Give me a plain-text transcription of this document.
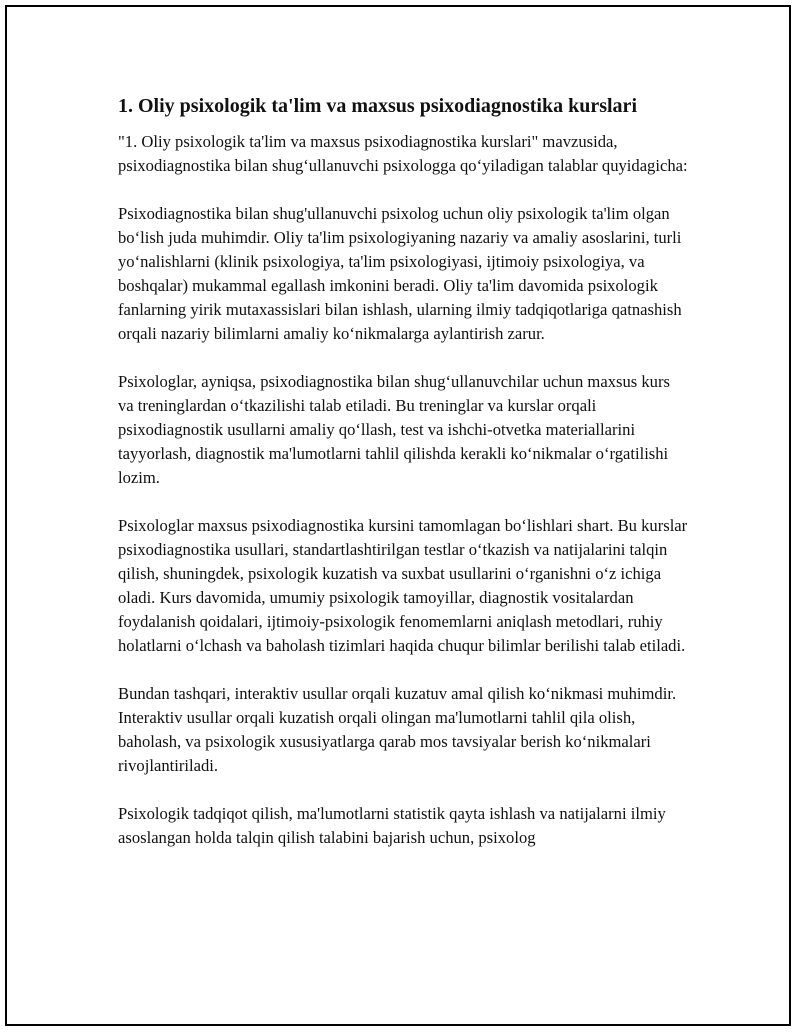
1. Oliy psixologik ta'lim va maxsus psixodiagnostika kurslari

"1. Oliy psixologik ta'lim va maxsus psixodiagnostika kurslari" mavzusida, psixodiagnostika bilan shug‘ullanuvchi psixologga qo‘yiladigan talablar quyidagicha:

Psixodiagnostika bilan shug'ullanuvchi psixolog uchun oliy psixologik ta'lim olgan bo‘lish juda muhimdir. Oliy ta'lim psixologiyaning nazariy va amaliy asoslarini, turli yo‘nalishlarni (klinik psixologiya, ta'lim psixologiyasi, ijtimoiy psixologiya, va boshqalar) mukammal egallash imkonini beradi. Oliy ta'lim davomida psixologik fanlarning yirik mutaxassislari bilan ishlash, ularning ilmiy tadqiqotlariga qatnashish orqali nazariy bilimlarni amaliy ko‘nikmalarga aylantirish zarur.

Psixologlar, ayniqsa, psixodiagnostika bilan shug‘ullanuvchilar uchun maxsus kurs va treninglardan o‘tkazilishi talab etiladi. Bu treninglar va kurslar orqali psixodiagnostik usullarni amaliy qo‘llash, test va ishchi-otvetka materiallarini tayyorlash, diagnostik ma'lumotlarni tahlil qilishda kerakli ko‘nikmalar o‘rgatilishi lozim.

Psixologlar maxsus psixodiagnostika kursini tamomlagan bo‘lishlari shart. Bu kurslar psixodiagnostika usullari, standartlashtirilgan testlar o‘tkazish va natijalarini talqin qilish, shuningdek, psixologik kuzatish va suxbat usullarini o‘rganishni o‘z ichiga oladi. Kurs davomida, umumiy psixologik tamoyillar, diagnostik vositalardan foydalanish qoidalari, ijtimoiy-psixologik fenomemlarni aniqlash metodlari, ruhiy holatlarni o‘lchash va baholash tizimlari haqida chuqur bilimlar berilishi talab etiladi.

Bundan tashqari, interaktiv usullar orqali kuzatuv amal qilish ko‘nikmasi muhimdir. Interaktiv usullar orqali kuzatish orqali olingan ma'lumotlarni tahlil qila olish, baholash, va psixologik xususiyatlarga qarab mos tavsiyalar berish ko‘nikmalari rivojlantiriladi.

Psixologik tadqiqot qilish, ma'lumotlarni statistik qayta ishlash va natijalarni ilmiy asoslangan holda talqin qilish talabini bajarish uchun, psixolog
